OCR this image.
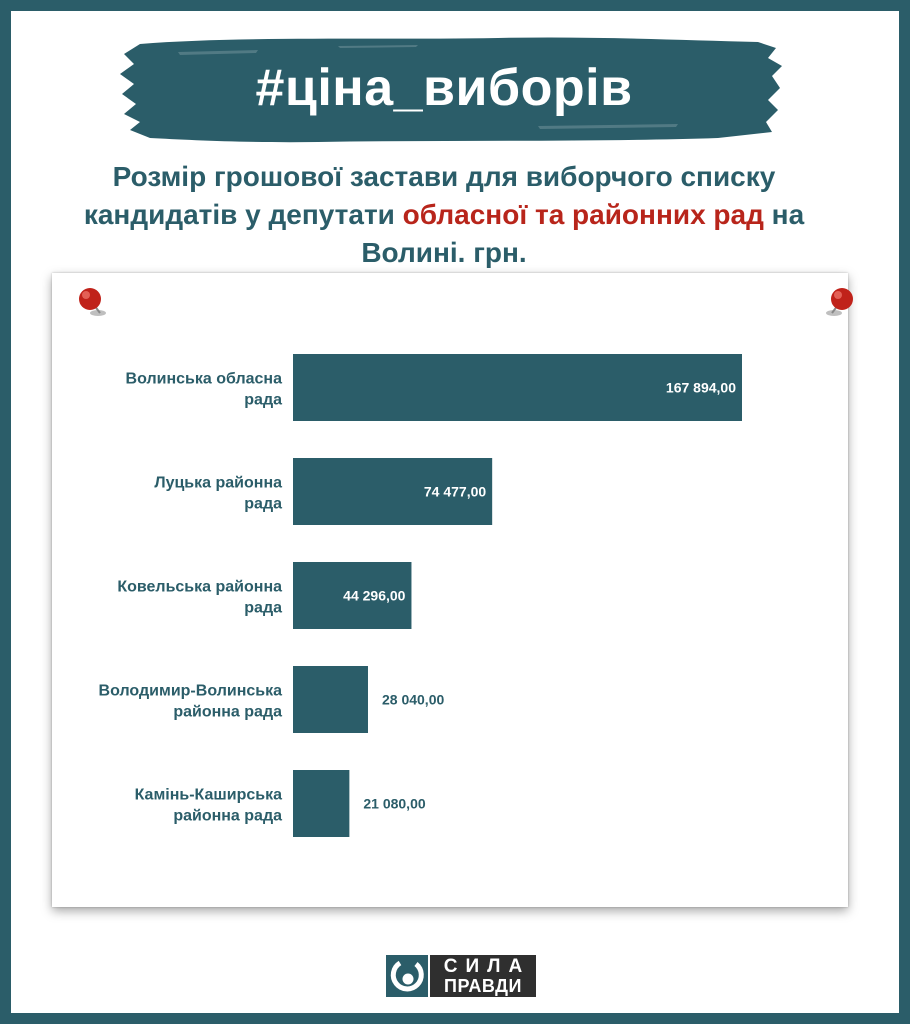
#ціна_виборів
Розмір грошової застави для виборчого списку кандидатів у депутати обласної та районних рад на Волині. грн.
Волинська обласна рада
167 894,00
Луцька районна рада
74 477,00
Ковельська районна рада
44 296,00
Володимир-Волинська районна рада
28 040,00
Камінь-Каширська районна рада
21 080,00
СИЛА
ПРАВДИ
